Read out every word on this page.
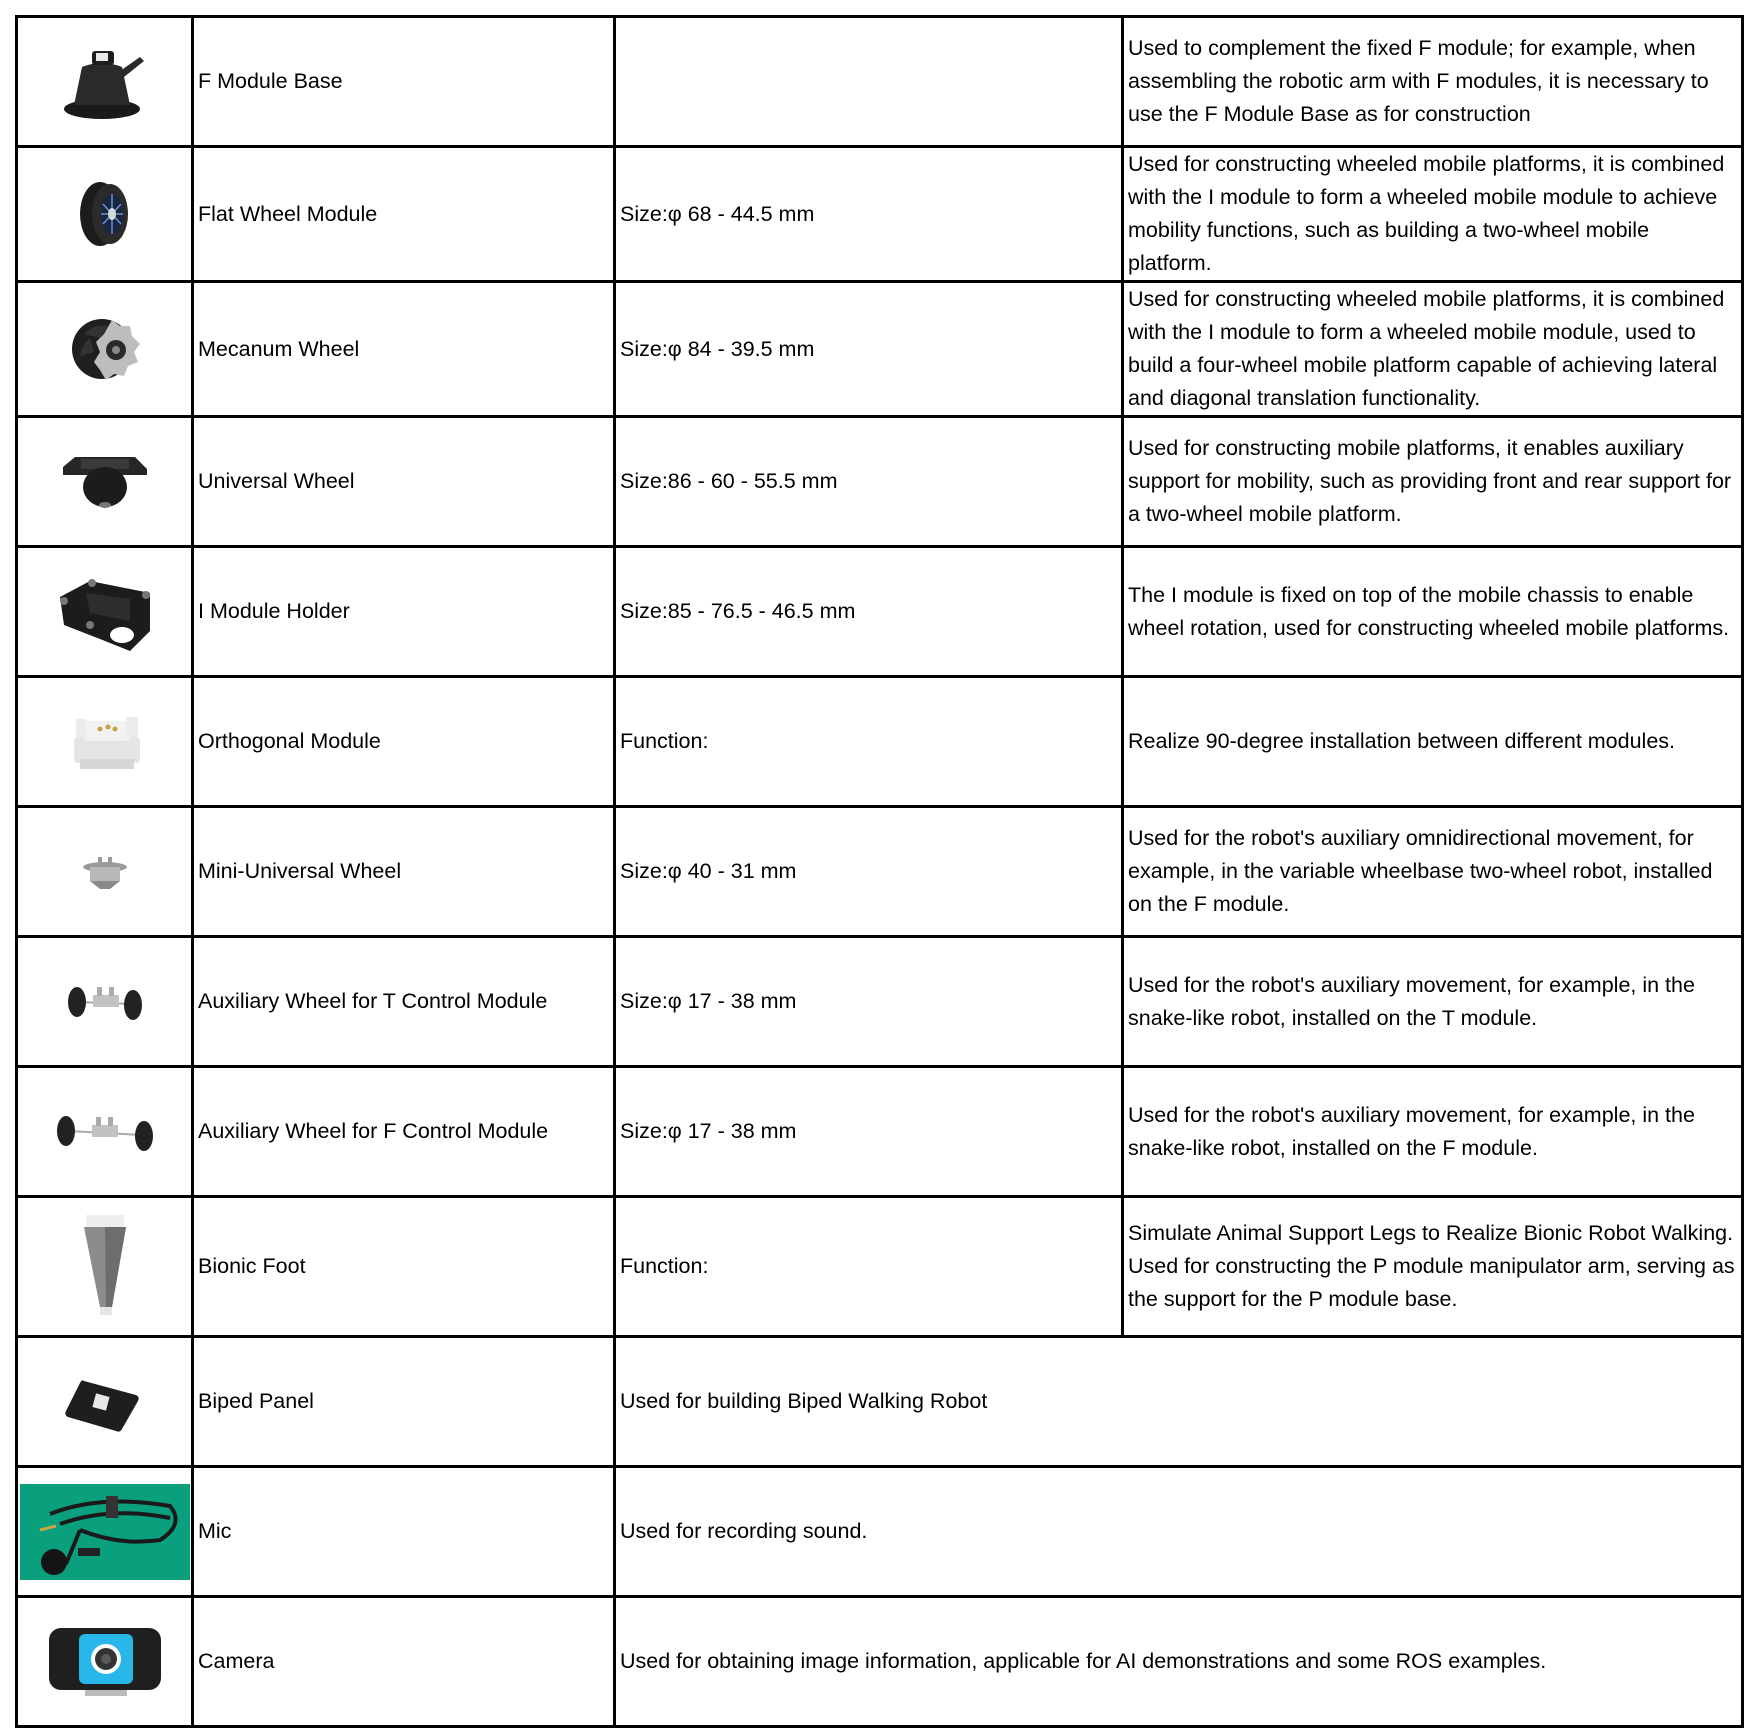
	F Module Base		Used to complement the fixed F module; for example, when assembling the robotic arm with F modules, it is necessary to use the F Module Base as for construction

	Flat Wheel Module	Size:φ 68 - 44.5 mm	Used for constructing wheeled mobile platforms, it is combined with the I module to form a wheeled mobile module to achieve mobility functions, such as building a two-wheel mobile platform.

	Mecanum Wheel	Size:φ 84 - 39.5 mm	Used for constructing wheeled mobile platforms, it is combined with the I module to form a wheeled mobile module, used to build a four-wheel mobile platform capable of achieving lateral and diagonal translation functionality.

	Universal Wheel	Size:86 - 60 - 55.5 mm	Used for constructing mobile platforms, it enables auxiliary support for mobility, such as providing front and rear support for a two-wheel mobile platform.

	I Module Holder	Size:85 - 76.5 - 46.5 mm	The I module is fixed on top of the mobile chassis to enable wheel rotation, used for constructing wheeled mobile platforms.

	Orthogonal Module	Function:	Realize 90-degree installation between different modules.

	Mini-Universal Wheel	Size:φ 40 - 31 mm	Used for the robot's auxiliary omnidirectional movement, for example, in the variable wheelbase two-wheel robot, installed on the F module.

	Auxiliary Wheel for T Control Module	Size:φ 17 - 38 mm	Used for the robot's auxiliary movement, for example, in the snake-like robot, installed on the T module.

	Auxiliary Wheel for F Control Module	Size:φ 17 - 38 mm	Used for the robot's auxiliary movement, for example, in the snake-like robot, installed on the F module.

	Bionic Foot	Function:	Simulate Animal Support Legs to Realize Bionic Robot Walking.
Used for constructing the P module manipulator arm, serving as the support for the P module base.

	Biped Panel	Used for building Biped Walking Robot	

	Mic	Used for recording sound.	

	Camera	Used for obtaining image information, applicable for AI demonstrations and some ROS examples.	
